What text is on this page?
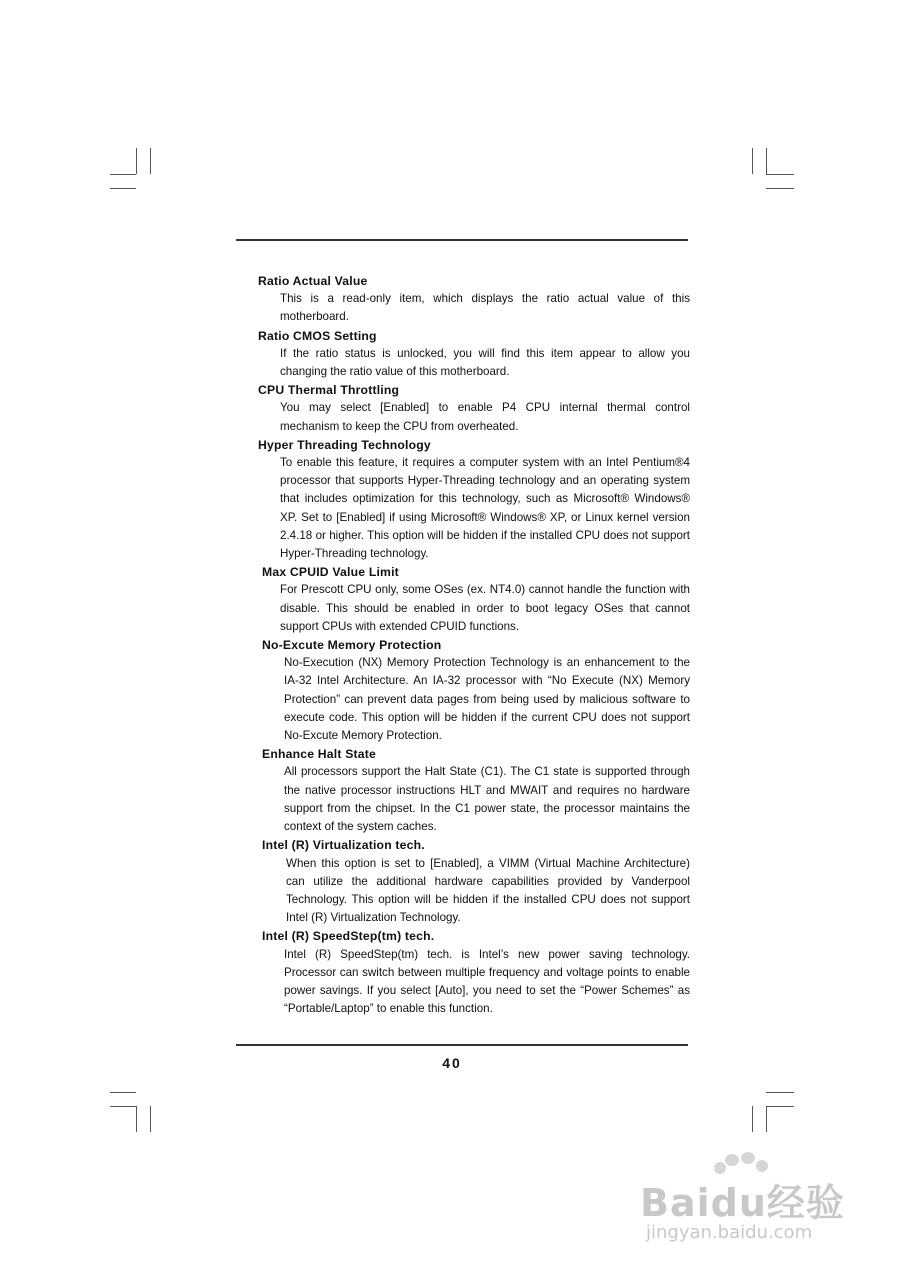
Ratio Actual Value

This is a read-only item, which displays the ratio actual value of this motherboard.

Ratio CMOS Setting

If the ratio status is unlocked, you will find this item appear to allow you changing the ratio value of this motherboard.

CPU Thermal Throttling

You may select [Enabled] to enable P4 CPU internal thermal control mechanism to keep the CPU from overheated.

Hyper Threading Technology

To enable this feature, it requires a computer system with an Intel Pentium®4 processor that supports Hyper-Threading technology and an operating system that includes optimization for this technology, such as Microsoft® Windows® XP. Set to [Enabled] if using Microsoft® Windows® XP, or Linux kernel version 2.4.18 or higher. This option will be hidden if the installed CPU does not support Hyper-Threading technology.

Max CPUID Value Limit

For Prescott CPU only, some OSes (ex. NT4.0) cannot handle the function with disable. This should be enabled in order to boot legacy OSes that cannot support CPUs with extended CPUID functions.

No-Excute Memory Protection

No-Execution (NX) Memory Protection Technology is an enhancement to the IA-32 Intel Architecture. An IA-32 processor with “No Execute (NX) Memory Protection” can prevent data pages from being used by malicious software to execute code. This option will be hidden if the current CPU does not support No-Excute Memory Protection.

Enhance Halt State

All processors support the Halt State (C1). The C1 state is supported through the native processor instructions HLT and MWAIT and requires no hardware support from the chipset. In the C1 power state, the processor maintains the context of the system caches.

Intel (R) Virtualization tech.

When this option is set to [Enabled], a VIMM (Virtual Machine Architecture) can utilize the additional hardware capabilities provided by Vanderpool Technology. This option will be hidden if the installed CPU does not support Intel (R) Virtualization Technology.

Intel (R) SpeedStep(tm) tech.

Intel (R) SpeedStep(tm) tech. is Intel’s new power saving technology. Processor can switch between multiple frequency and voltage points to enable power savings. If you select [Auto], you need to set the “Power Schemes” as “Portable/Laptop” to enable this function.

40
Baidu经验
jingyan.baidu.com
